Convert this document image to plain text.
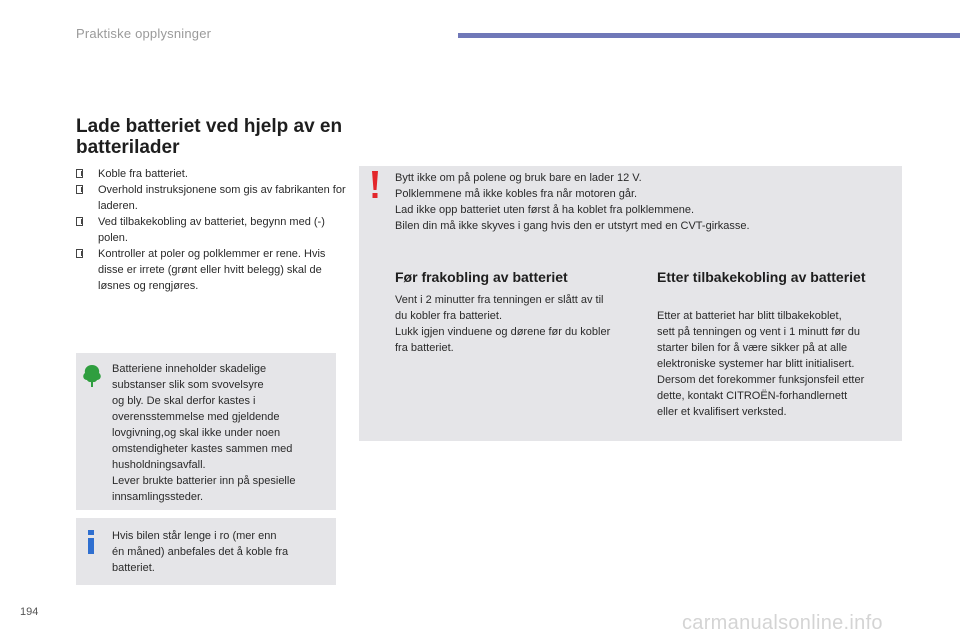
Praktiske opplysninger
Lade batteriet ved hjelp av en batterilader
Koble fra batteriet.
Overhold instruksjonene som gis av fabrikanten for laderen.
Ved tilbakekobling av batteriet, begynn med (-) polen.
Kontroller at poler og polklemmer er rene. Hvis disse er irrete (grønt eller hvitt belegg) skal de løsnes og rengjøres.
Batteriene inneholder skadelige
substanser slik som svovelsyre
og bly. De skal derfor kastes i
overensstemmelse med gjeldende
lovgivning,og skal ikke under noen
omstendigheter kastes sammen med
husholdningsavfall.
Lever brukte batterier inn på spesielle
innsamlingssteder.
Hvis bilen står lenge i ro (mer enn
én måned) anbefales det å koble fra
batteriet.
Bytt ikke om på polene og bruk bare en lader 12 V.
Polklemmene må ikke kobles fra når motoren går.
Lad ikke opp batteriet uten først å ha koblet fra polklemmene.
Bilen din må ikke skyves i gang hvis den er utstyrt med en CVT-girkasse.
Før frakobling av batteriet
Vent i 2 minutter fra tenningen er slått av til
du kobler fra batteriet.
Lukk igjen vinduene og dørene før du kobler
fra batteriet.
Etter tilbakekobling av batteriet
Etter at batteriet har blitt tilbakekoblet,
sett på tenningen og vent i 1 minutt før du
starter bilen for å være sikker på at alle
elektroniske systemer har blitt initialisert.
Dersom det forekommer funksjonsfeil etter
dette, kontakt CITROËN-forhandlernett
eller et kvalifisert verksted.
194	carmanualsonline.info
